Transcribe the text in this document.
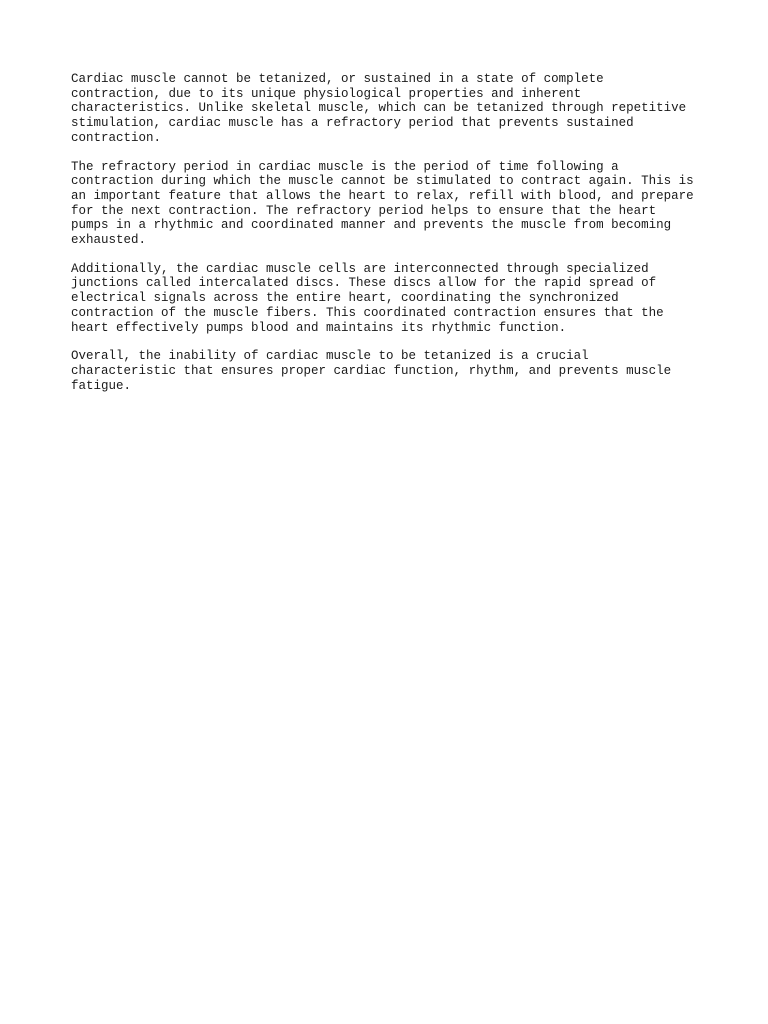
Cardiac muscle cannot be tetanized, or sustained in a state of complete
contraction, due to its unique physiological properties and inherent
characteristics. Unlike skeletal muscle, which can be tetanized through repetitive
stimulation, cardiac muscle has a refractory period that prevents sustained
contraction.

The refractory period in cardiac muscle is the period of time following a
contraction during which the muscle cannot be stimulated to contract again. This is
an important feature that allows the heart to relax, refill with blood, and prepare
for the next contraction. The refractory period helps to ensure that the heart
pumps in a rhythmic and coordinated manner and prevents the muscle from becoming
exhausted.

Additionally, the cardiac muscle cells are interconnected through specialized
junctions called intercalated discs. These discs allow for the rapid spread of
electrical signals across the entire heart, coordinating the synchronized
contraction of the muscle fibers. This coordinated contraction ensures that the
heart effectively pumps blood and maintains its rhythmic function.

Overall, the inability of cardiac muscle to be tetanized is a crucial
characteristic that ensures proper cardiac function, rhythm, and prevents muscle
fatigue.
